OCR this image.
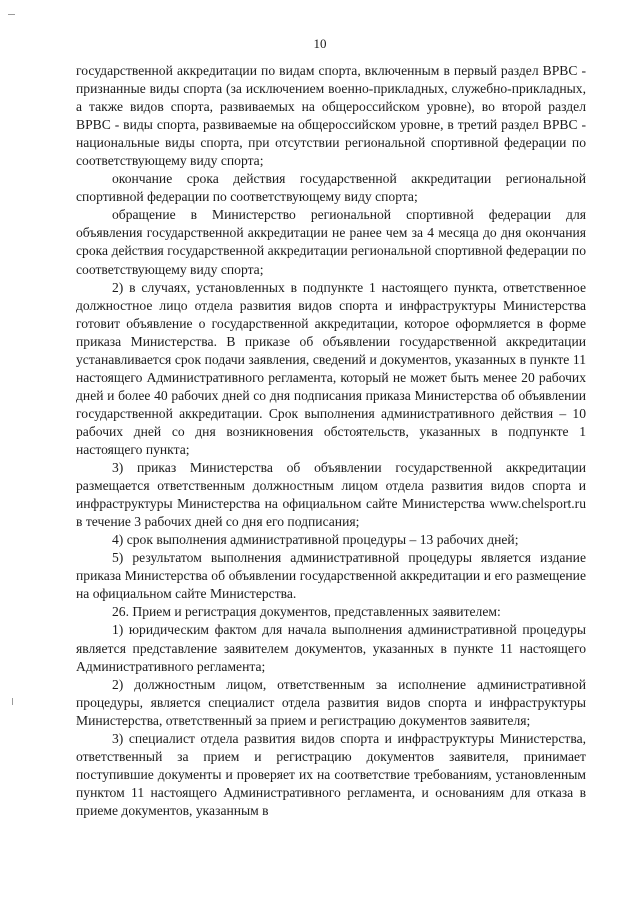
10

государственной аккредитации по видам спорта, включенным в первый раздел ВРВС - признанные виды спорта (за исключением военно-прикладных, служебно-прикладных, а также видов спорта, развиваемых на общероссийском уровне), во второй раздел ВРВС - виды спорта, развиваемые на общероссийском уровне, в третий раздел ВРВС - национальные виды спорта, при отсутствии региональной спортивной федерации по соответствующему виду спорта;

окончание срока действия государственной аккредитации региональной спортивной федерации по соответствующему виду спорта;

обращение в Министерство региональной спортивной федерации для объявления государственной аккредитации не ранее чем за 4 месяца до дня окончания срока действия государственной аккредитации региональной спортивной федерации по соответствующему виду спорта;

2) в случаях, установленных в подпункте 1 настоящего пункта, ответственное должностное лицо отдела развития видов спорта и инфраструктуры Министерства готовит объявление о государственной аккредитации, которое оформляется в форме приказа Министерства. В приказе об объявлении государственной аккредитации устанавливается срок подачи заявления, сведений и документов, указанных в пункте 11 настоящего Административного регламента, который не может быть менее 20 рабочих дней и более 40 рабочих дней со дня подписания приказа Министерства об объявлении государственной аккредитации. Срок выполнения административного действия – 10 рабочих дней со дня возникновения обстоятельств, указанных в подпункте 1 настоящего пункта;

3) приказ Министерства об объявлении государственной аккредитации размещается ответственным должностным лицом отдела развития видов спорта и инфраструктуры Министерства на официальном сайте Министерства www.chelsport.ru в течение 3 рабочих дней со дня его подписания;

4) срок выполнения административной процедуры – 13 рабочих дней;

5) результатом выполнения административной процедуры является издание приказа Министерства об объявлении государственной аккредитации и его размещение на официальном сайте Министерства.

26. Прием и регистрация документов, представленных заявителем:

1) юридическим фактом для начала выполнения административной процедуры является представление заявителем документов, указанных в пункте 11 настоящего Административного регламента;

2) должностным лицом, ответственным за исполнение административной процедуры, является специалист отдела развития видов спорта и инфраструктуры Министерства, ответственный за прием и регистрацию документов заявителя;

3) специалист отдела развития видов спорта и инфраструктуры Министерства, ответственный за прием и регистрацию документов заявителя, принимает поступившие документы и проверяет их на соответствие требованиям, установленным пунктом 11 настоящего Административного регламента, и основаниям для отказа в приеме документов, указанным в
